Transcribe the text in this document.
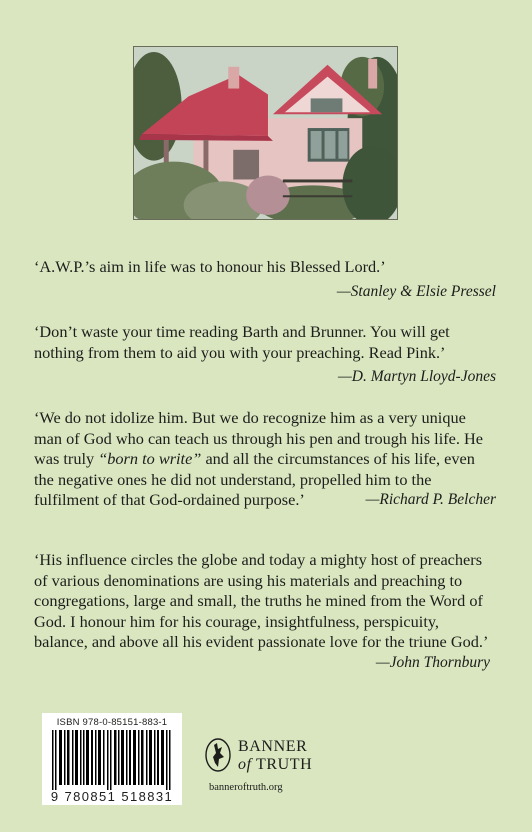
‘A.W.P.’s aim in life was to honour his Blessed Lord.’

—Stanley & Elsie Pressel

‘Don’t waste your time reading Barth and Brunner. You will get nothing from them to aid you with your preaching. Read Pink.’

—D. Martyn Lloyd-Jones

‘We do not idolize him. But we do recognize him as a very unique man of God who can teach us through his pen and trough his life. He was truly “born to write” and all the circumstances of his life, even the negative ones he did not understand, propelled him to the fulfilment of that God-ordained purpose.’	—Richard P. Belcher

‘His influence circles the globe and today a mighty host of preachers of various denominations are using his materials and preaching to congregations, large and small, the truths he mined from the Word of God. I honour him for his courage, insightfulness, perspicuity, balance, and above all his evident passionate love for the triune God.’

—John Thornbury
ISBN 978-0-85151-883-1
9 780851 518831
BANNER
of TRUTH
banneroftruth.org
